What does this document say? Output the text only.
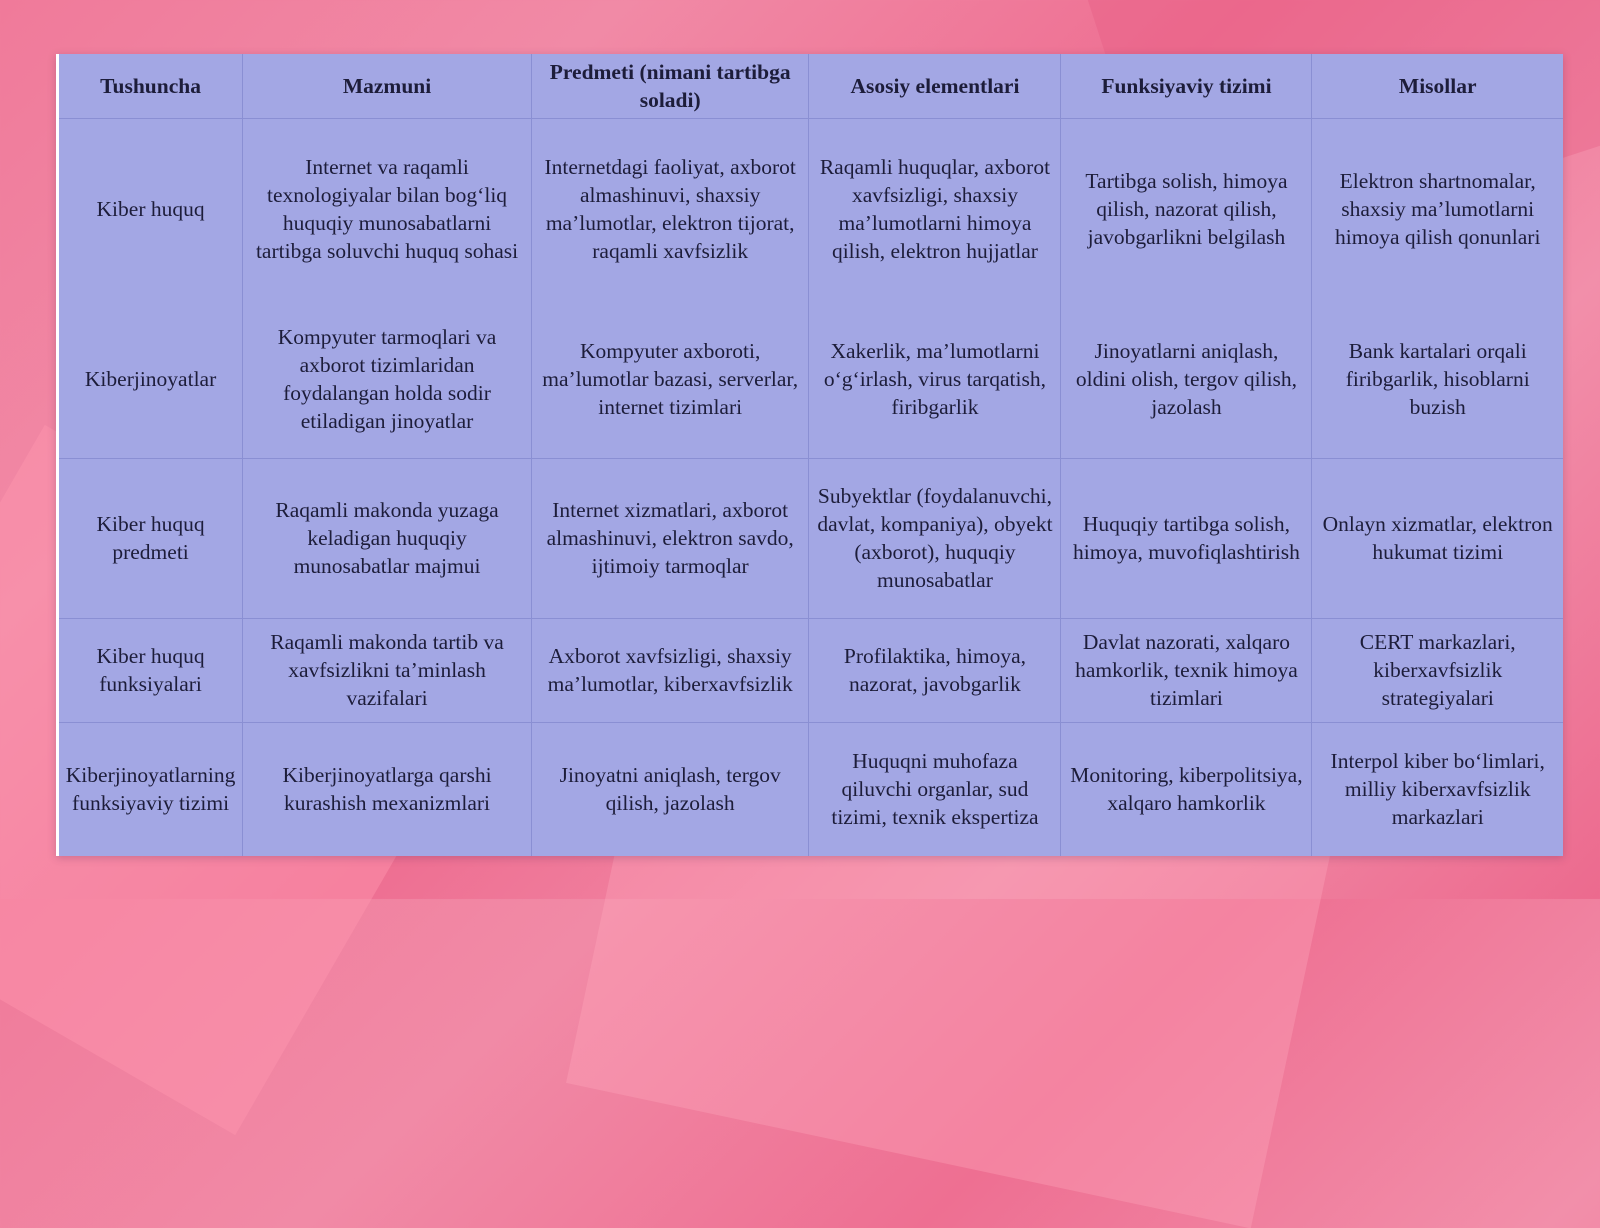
Tushuncha	Mazmuni	Predmeti (nimani tartibga soladi)	Asosiy elementlari	Funksiyaviy tizimi	Misollar
Kiber huquq	Internet va raqamli texnologiyalar bilan bog‘liq huquqiy munosabatlarni tartibga soluvchi huquq sohasi	Internetdagi faoliyat, axborot almashinuvi, shaxsiy ma’lumotlar, elektron tijorat, raqamli xavfsizlik	Raqamli huquqlar, axborot xavfsizligi, shaxsiy ma’lumotlarni himoya qilish, elektron hujjatlar	Tartibga solish, himoya qilish, nazorat qilish, javobgarlikni belgilash	Elektron shartnomalar, shaxsiy ma’lumotlarni himoya qilish qonunlari
Kiberjinoyatlar	Kompyuter tarmoqlari va axborot tizimlaridan foydalangan holda sodir etiladigan jinoyatlar	Kompyuter axboroti, ma’lumotlar bazasi, serverlar, internet tizimlari	Xakerlik, ma’lumotlarni o‘g‘irlash, virus tarqatish, firibgarlik	Jinoyatlarni aniqlash, oldini olish, tergov qilish, jazolash	Bank kartalari orqali firibgarlik, hisoblarni buzish
Kiber huquq predmeti	Raqamli makonda yuzaga keladigan huquqiy munosabatlar majmui	Internet xizmatlari, axborot almashinuvi, elektron savdo, ijtimoiy tarmoqlar	Subyektlar (foydalanuvchi, davlat, kompaniya), obyekt (axborot), huquqiy munosabatlar	Huquqiy tartibga solish, himoya, muvofiqlashtirish	Onlayn xizmatlar, elektron hukumat tizimi
Kiber huquq funksiyalari	Raqamli makonda tartib va xavfsizlikni ta’minlash vazifalari	Axborot xavfsizligi, shaxsiy ma’lumotlar, kiberxavfsizlik	Profilaktika, himoya, nazorat, javobgarlik	Davlat nazorati, xalqaro hamkorlik, texnik himoya tizimlari	CERT markazlari, kiberxavfsizlik strategiyalari
Kiberjinoyatlarning funksiyaviy tizimi	Kiberjinoyatlarga qarshi kurashish mexanizmlari	Jinoyatni aniqlash, tergov qilish, jazolash	Huquqni muhofaza qiluvchi organlar, sud tizimi, texnik ekspertiza	Monitoring, kiberpolitsiya, xalqaro hamkorlik	Interpol kiber bo‘limlari, milliy kiberxavfsizlik markazlari
